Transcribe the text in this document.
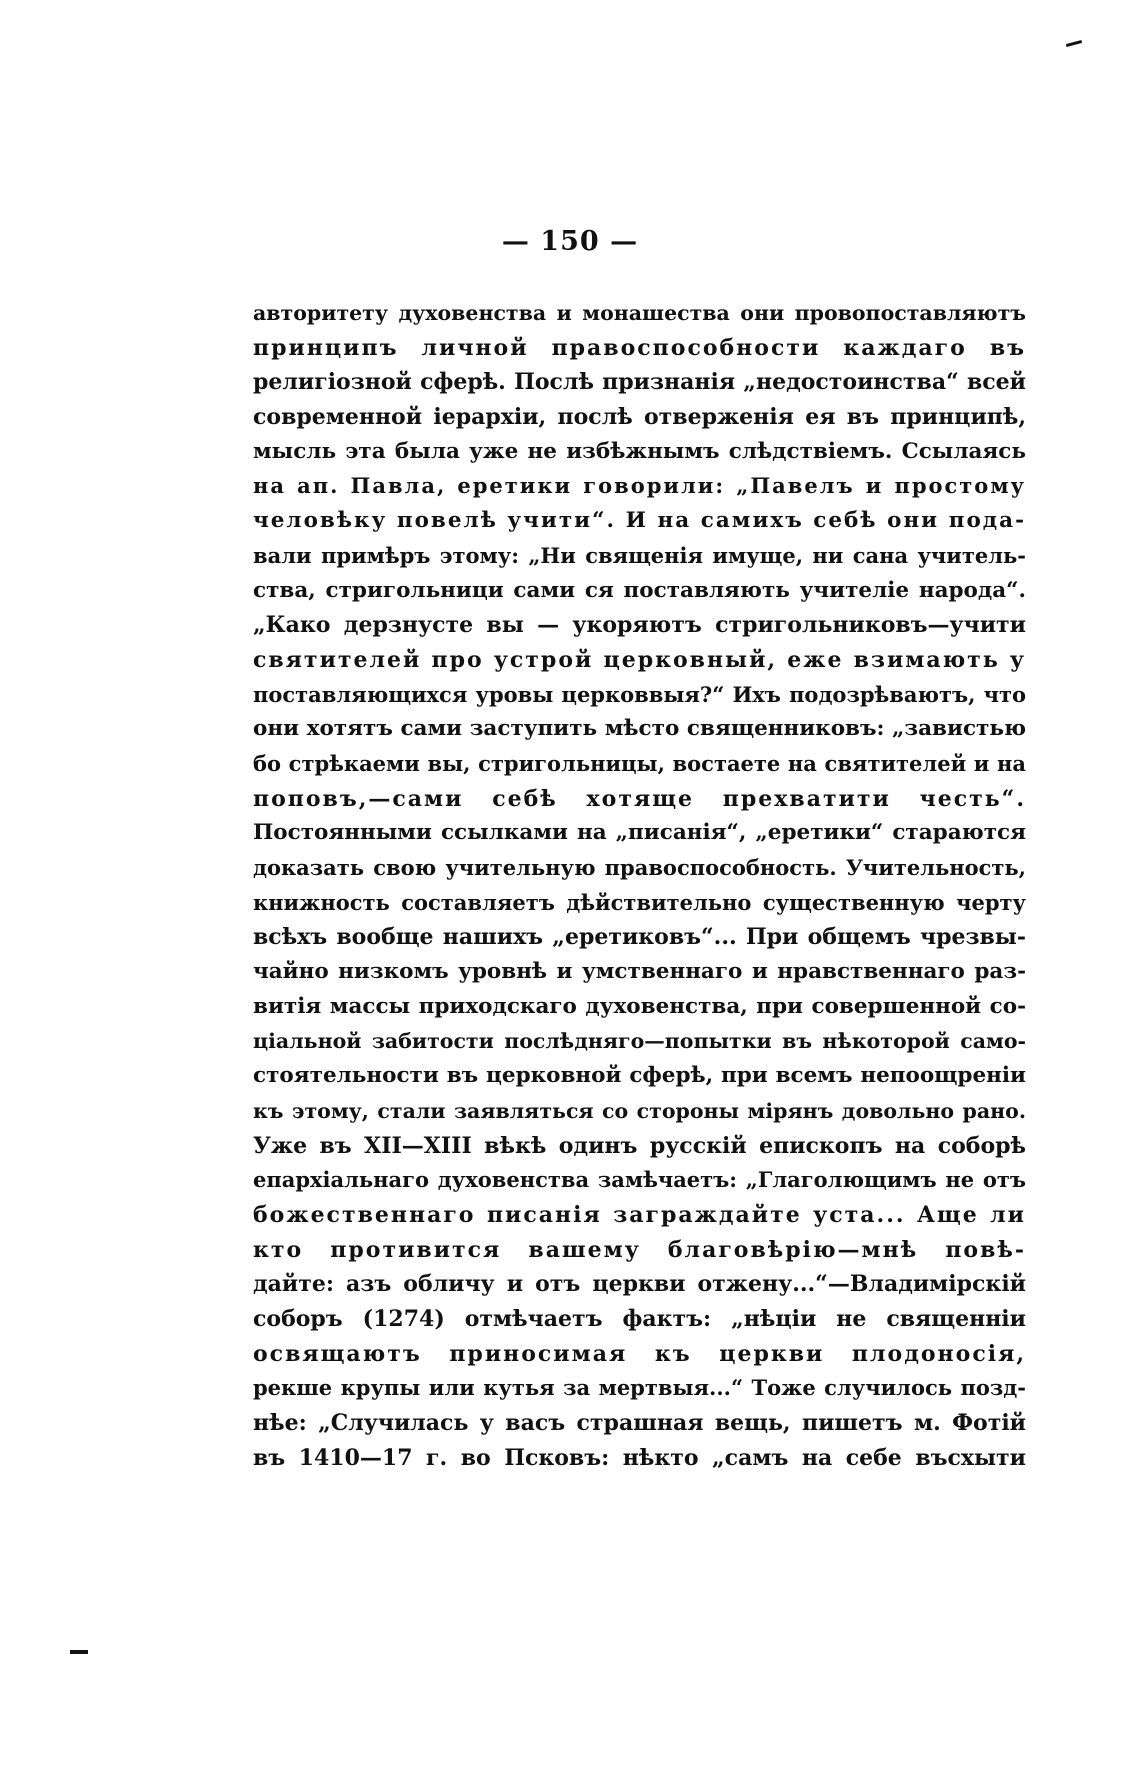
— 150 —
авторитету духовенства и монашества они провопоставляютъ
принципъ личной правоспособности каждаго въ
религіозной сферѣ. Послѣ признанія „недостоинства“ всей
современной іерархіи, послѣ отверженія ея въ принципѣ,
мысль эта была уже не избѣжнымъ слѣдствіемъ. Ссылаясь
на ап. Павла, еретики говорили: „Павелъ и простому
человѣку повелѣ учити“. И на самихъ себѣ они пода-
вали примѣръ этому: „Ни священія имуще, ни сана учитель-
ства, стригольници сами ся поставляють учителіе народа“.
„Како дерзнусте вы — укоряютъ стригольниковъ—учити
святителей про устрой церковный, еже взимають у
поставляющихся уровы церковвыя?“ Ихъ подозрѣваютъ, что
они хотятъ сами заступить мѣсто священниковъ: „завистью
бо стрѣкаеми вы, стригольницы, востаете на святителей и на
поповъ,—сами себѣ хотяще прехватити честь“.
Постоянными ссылками на „писанія“, „еретики“ стараются
доказать свою учительную правоспособность. Учительность,
книжность составляетъ дѣйствительно существенную черту
всѣхъ вообще нашихъ „еретиковъ“... При общемъ чрезвы-
чайно низкомъ уровнѣ и умственнаго и нравственнаго раз-
витія массы приходскаго духовенства, при совершенной со-
ціальной забитости послѣдняго—попытки въ нѣкоторой само-
стоятельности въ церковной сферѣ, при всемъ непоощреніи
къ этому, стали заявляться со стороны мірянъ довольно рано.
Уже въ XII—XIII вѣкѣ одинъ русскій епископъ на соборѣ
епархіальнаго духовенства замѣчаетъ: „Глаголющимъ не отъ
божественнаго писанія заграждайте уста... Аще ли
кто противится вашему благовѣрію—мнѣ повѣ-
дайте: азъ обличу и отъ церкви отжену...“—Владимірскій
соборъ (1274) отмѣчаетъ фактъ: „нѣціи не священніи
освящаютъ приносимая къ церкви плодоносія,
рекше крупы или кутья за мертвыя...“ Тоже случилось позд-
нѣе: „Случилась у васъ страшная вещь, пишетъ м. Фотій
въ 1410—17 г. во Псковъ: нѣкто „самъ на себе въсхыти
